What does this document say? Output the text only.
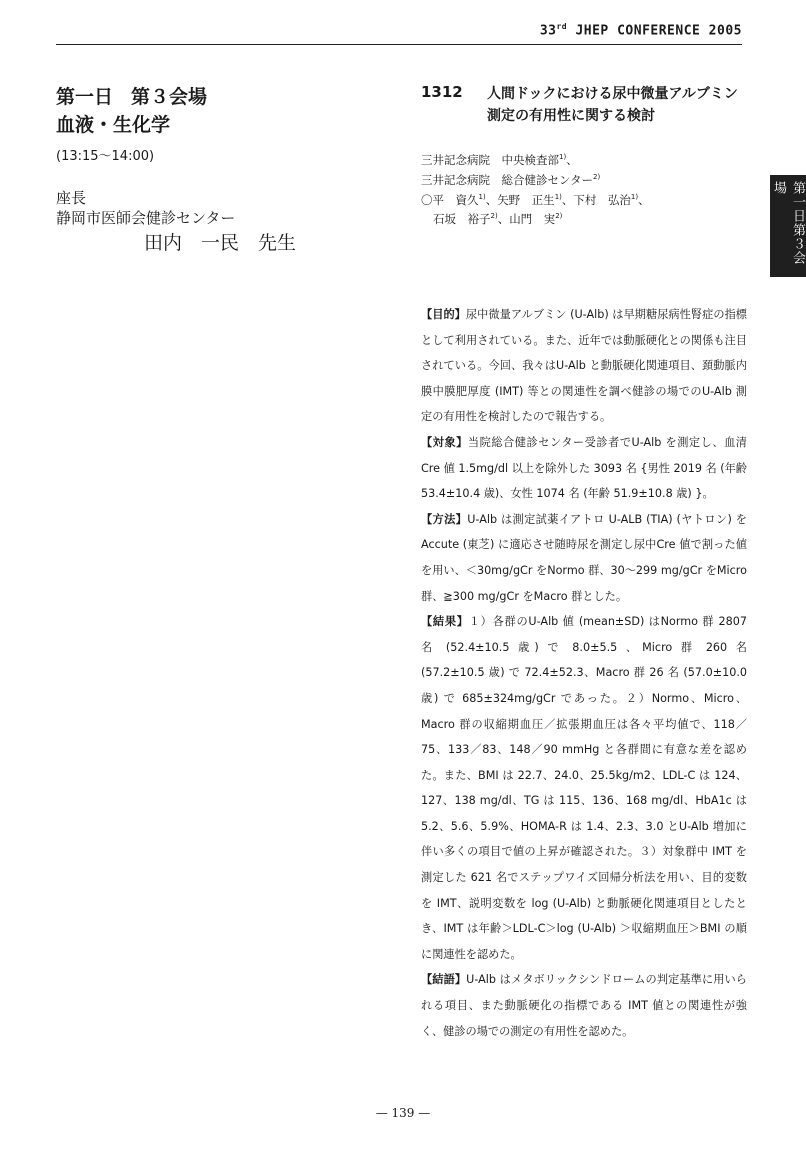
33rd JHEP CONFERENCE 2005
第一日 第３会場
血液・生化学
(13:15〜14:00)
座長
静岡市医師会健診センター
田内　一民　先生
1312 人間ドックにおける尿中微量アルブミン測定の有用性に関する検討
三井記念病院　中央検査部$^{1)}$、
三井記念病院　総合健診センター$^{2)}$
〇平　資久$^{1)}$、矢野　正生$^{1)}$、下村　弘治$^{1)}$、
石坂　裕子$^{2)}$、山門　実$^{2)}$

【目的】尿中微量アルブミン (U-Alb) は早期糖尿病性腎症の指標として利用されている。また、近年では動脈硬化との関係も注目されている。今回、我々はU-Alb と動脈硬化関連項目、頚動脈内膜中膜肥厚度 (IMT) 等との関連性を調べ健診の場でのU-Alb 測定の有用性を検討したので報告する。

【対象】当院総合健診センター受診者でU-Alb を測定し、血清Cre 値 1.5mg/dl 以上を除外した 3093 名 {男性 2019 名 (年齢53.4±10.4 歳)、女性 1074 名 (年齢 51.9±10.8 歳) }。

【方法】U-Alb は測定試薬イアトロ U-ALB (TIA) (ヤトロン) をAccute (東芝) に適応させ随時尿を測定し尿中Cre 値で割った値を用い、＜30mg/gCr をNormo 群、30〜299 mg/gCr をMicro 群、≧300 mg/gCr をMacro 群とした。

【結果】１）各群のU-Alb 値 (mean±SD) はNormo 群 2807 名 (52.4±10.5 歳) で 8.0±5.5 、Micro 群 260 名 (57.2±10.5 歳) で 72.4±52.3、Macro 群 26 名 (57.0±10.0 歳) で 685±324mg/gCr であった。２）Normo、Micro、Macro 群の収縮期血圧／拡張期血圧は各々平均値で、118／75、133／83、148／90 mmHg と各群間に有意な差を認めた。また、BMI は 22.7、24.0、25.5kg/m2、LDL-C は 124、127、138 mg/dl、TG は 115、136、168 mg/dl、HbA1c は 5.2、5.6、5.9%、HOMA-R は 1.4、2.3、3.0 とU-Alb 増加に伴い多くの項目で値の上昇が確認された。３）対象群中 IMT を測定した 621 名でステップワイズ回帰分析法を用い、目的変数を IMT、説明変数を log (U-Alb) と動脈硬化関連項目としたとき、IMT は年齢＞LDL-C＞log (U-Alb) ＞収縮期血圧＞BMI の順に関連性を認めた。

【結語】U-Alb はメタボリックシンドロームの判定基準に用いられる項目、また動脈硬化の指標である IMT 値との関連性が強く、健診の場での測定の有用性を認めた。

第一日第３会場
— 139 —
